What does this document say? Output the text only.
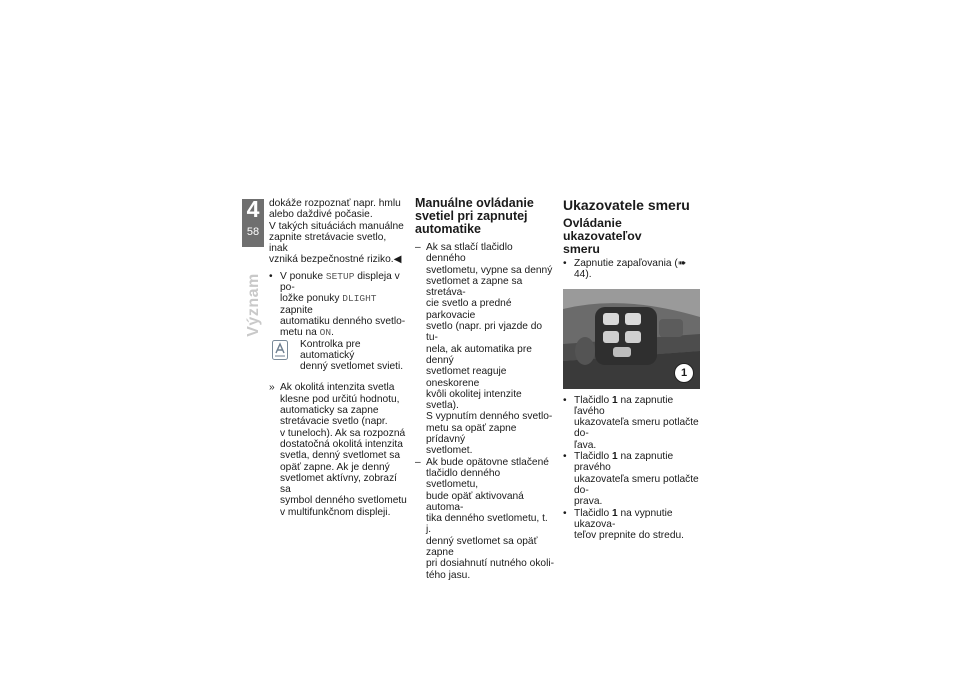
4
58
Význam

dokáže rozpoznať napr. hmlu

alebo daždivé počasie.

V takých situáciách manuálne

zapnite stretávacie svetlo, inak

vzniká bezpečnostné riziko.◀

• V ponuke SETUP displeja v po-

ložke ponuky DLIGHT zapnite

automatiku denného svetlo-

metu na ON.

Kontrolka pre automatický

denný svetlomet svieti.

» Ak okolitá intenzita svetla

klesne pod určitú hodnotu,

automaticky sa zapne

stretávacie svetlo (napr.

v tuneloch). Ak sa rozpozná

dostatočná okolitá intenzita

svetla, denný svetlomet sa

opäť zapne. Ak je denný

svetlomet aktívny, zobrazí sa

symbol denného svetlometu

v multifunkčnom displeji.

Manuálne ovládanie
svetiel pri zapnutej
automatike
– Ak sa stlačí tlačidlo denného

svetlometu, vypne sa denný

svetlomet a zapne sa stretáva-

cie svetlo a predné parkovacie

svetlo (napr. pri vjazde do tu-

nela, ak automatika pre denný

svetlomet reaguje oneskorene

kvôli okolitej intenzite svetla).

S vypnutím denného svetlo-

metu sa opäť zapne prídavný

svetlomet.

– Ak bude opätovne stlačené

tlačidlo denného svetlometu,

bude opäť aktivovaná automa-

tika denného svetlometu, t. j.

denný svetlomet sa opäť zapne

pri dosiahnutí nutného okoli-

tého jasu.

Ukazovatele smeru
Ovládanie ukazovateľov
smeru
• Zapnutie zapaľovania (➠ 44).

1
• Tlačidlo 1 na zapnutie ľavého

ukazovateľa smeru potlačte do-

ľava.

• Tlačidlo 1 na zapnutie pravého

ukazovateľa smeru potlačte do-

prava.

• Tlačidlo 1 na vypnutie ukazova-

teľov prepnite do stredu.
